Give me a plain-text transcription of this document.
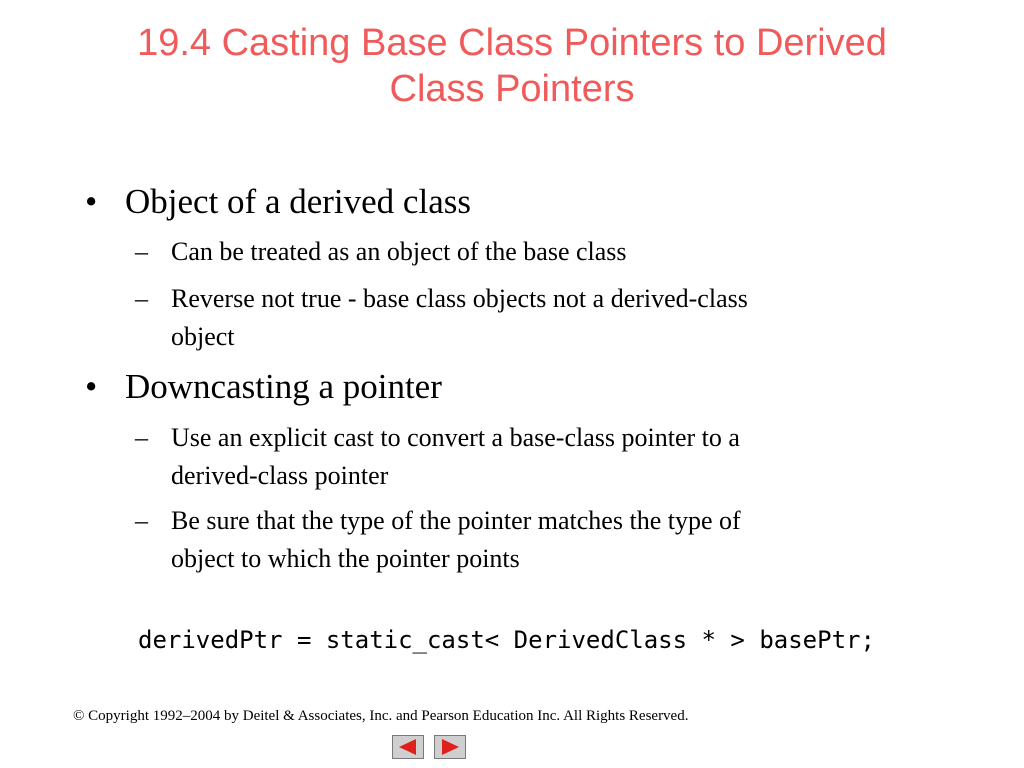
19.4 Casting Base Class Pointers to Derived
Class Pointers
• Object of a derived class
– Can be treated as an object of the base class
– Reverse not true - base class objects not a derived-class
object
• Downcasting a pointer
– Use an explicit cast to convert a base-class pointer to a
derived-class pointer
– Be sure that the type of the pointer matches the type of
object to which the pointer points
derivedPtr = static_cast< DerivedClass * > basePtr;
© Copyright 1992–2004 by Deitel & Associates, Inc. and Pearson Education Inc. All Rights Reserved.
